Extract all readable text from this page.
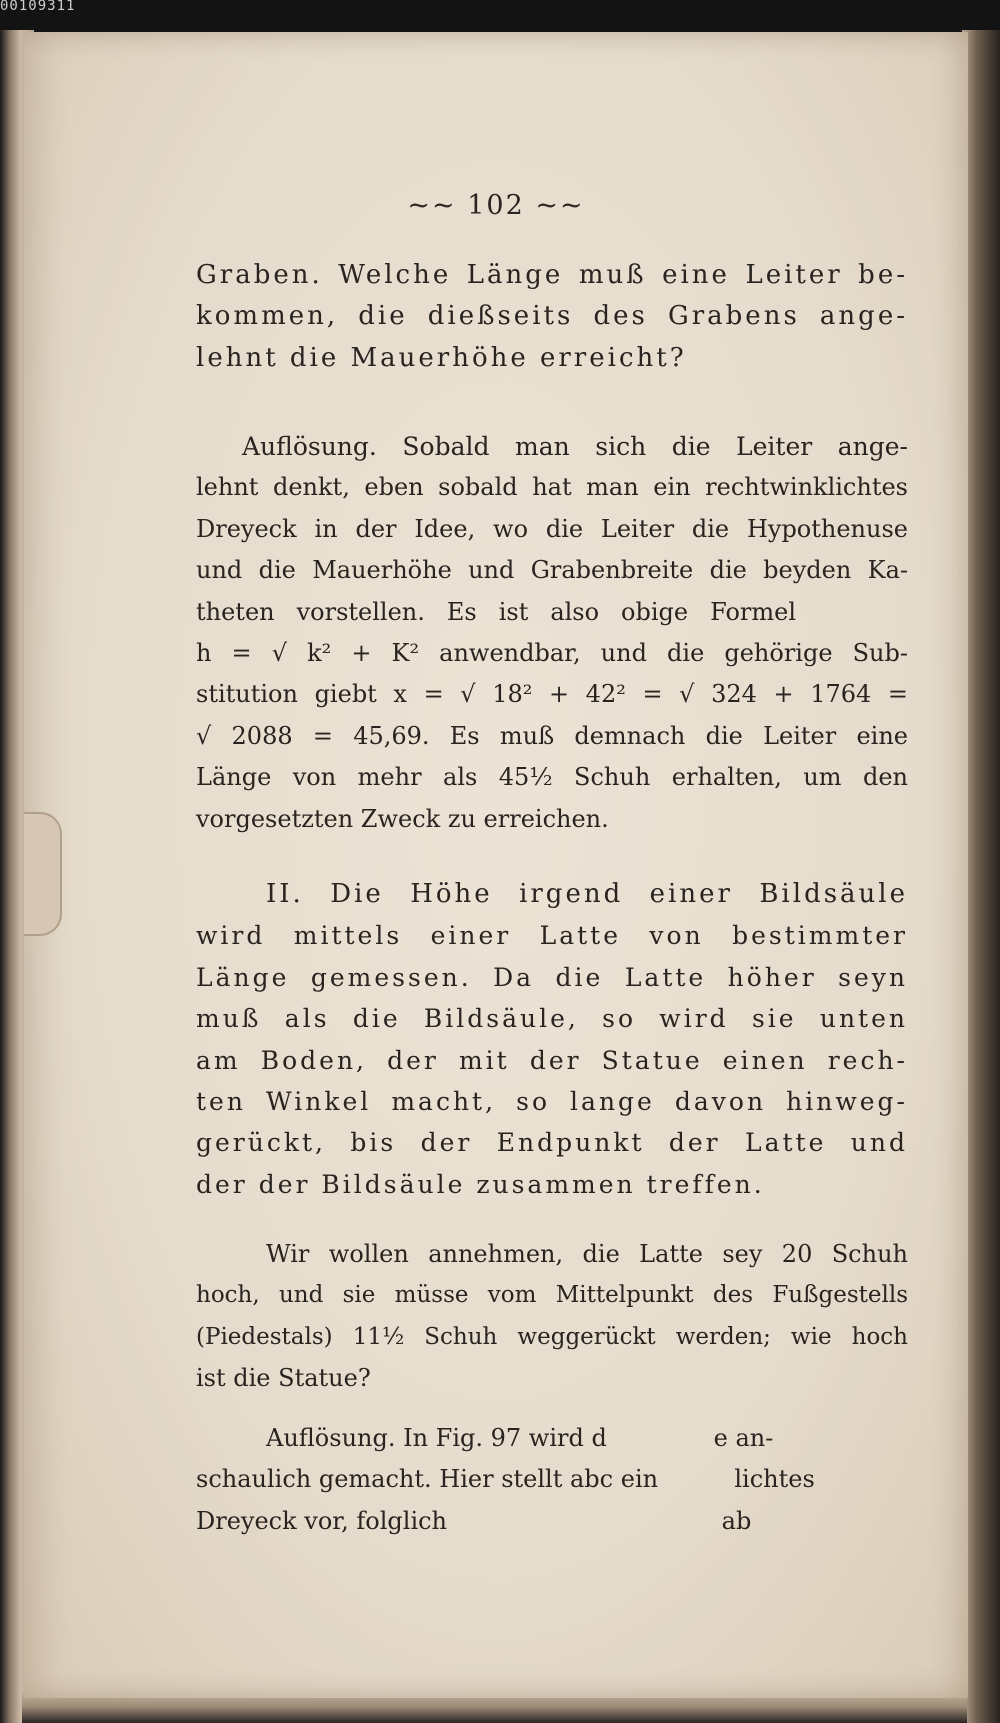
00109311
~~ 102 ~~
Graben. Welche Länge muß eine Leiter be-
kommen, die dießseits des Grabens ange-
lehnt die Mauerhöhe erreicht?
Auflösung. Sobald man sich die Leiter ange-
lehnt denkt, eben sobald hat man ein rechtwinklichtes
Dreyeck in der Idee, wo die Leiter die Hypothenuse
und die Mauerhöhe und Grabenbreite die beyden Ka-
theten vorstellen. Es ist also obige Formel
h = √ k² + K² anwendbar, und die gehörige Sub-
stitution giebt x = √ 18² + 42² = √ 324 + 1764 =
√ 2088 = 45,69. Es muß demnach die Leiter eine
Länge von mehr als 45½ Schuh erhalten, um den
vorgesetzten Zweck zu erreichen.
II. Die Höhe irgend einer Bildsäule
wird mittels einer Latte von bestimmter
Länge gemessen. Da die Latte höher seyn
muß als die Bildsäule, so wird sie unten
am Boden, der mit der Statue einen rech-
ten Winkel macht, so lange davon hinweg-
gerückt, bis der Endpunkt der Latte und
der der Bildsäule zusammen treffen.
Wir wollen annehmen, die Latte sey 20 Schuh
hoch, und sie müsse vom Mittelpunkt des Fußgestells
(Piedestals) 11½ Schuh weggerückt werden; wie hoch
ist die Statue?
Auflösung. In Fig. 97 wird d              e an-
schaulich gemacht. Hier stellt abc ein          lichtes
Dreyeck vor, folglich                                    ab
